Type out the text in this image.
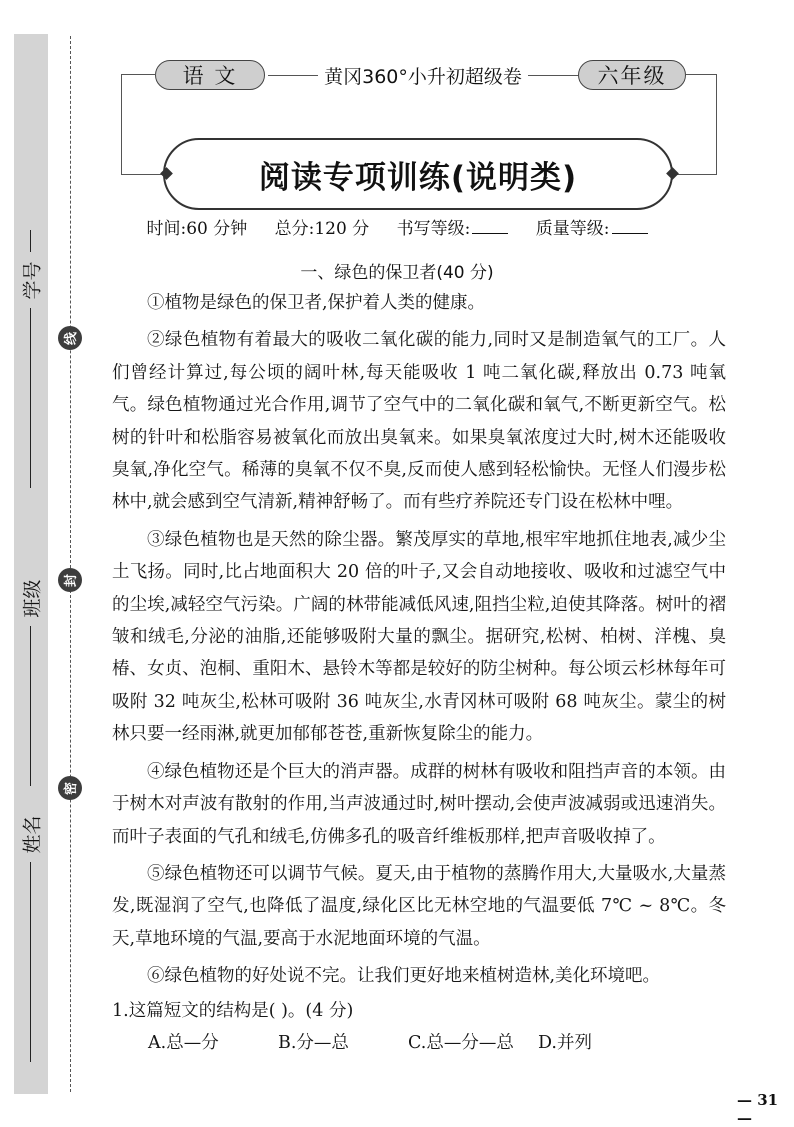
学号
班级
姓名
线
封
密
语 文	黄冈360°小升初超级卷	六年级
阅读专项训练(说明类)
时间:60 分钟 总分:120 分 书写等级:	质量等级:
一、绿色的保卫者(40 分)

①植物是绿色的保卫者,保护着人类的健康。

②绿色植物有着最大的吸收二氧化碳的能力,同时又是制造氧气的工厂。人们曾经计算过,每公顷的阔叶林,每天能吸收 1 吨二氧化碳,释放出 0.73 吨氧气。绿色植物通过光合作用,调节了空气中的二氧化碳和氧气,不断更新空气。松树的针叶和松脂容易被氧化而放出臭氧来。如果臭氧浓度过大时,树木还能吸收臭氧,净化空气。稀薄的臭氧不仅不臭,反而使人感到轻松愉快。无怪人们漫步松林中,就会感到空气清新,精神舒畅了。而有些疗养院还专门设在松林中哩。

③绿色植物也是天然的除尘器。繁茂厚实的草地,根牢牢地抓住地表,减少尘土飞扬。同时,比占地面积大 20 倍的叶子,又会自动地接收、吸收和过滤空气中的尘埃,减轻空气污染。广阔的林带能减低风速,阻挡尘粒,迫使其降落。树叶的褶皱和绒毛,分泌的油脂,还能够吸附大量的飘尘。据研究,松树、柏树、洋槐、臭椿、女贞、泡桐、重阳木、悬铃木等都是较好的防尘树种。每公顷云杉林每年可吸附 32 吨灰尘,松林可吸附 36 吨灰尘,水青冈林可吸附 68 吨灰尘。蒙尘的树林只要一经雨淋,就更加郁郁苍苍,重新恢复除尘的能力。

④绿色植物还是个巨大的消声器。成群的树林有吸收和阻挡声音的本领。由于树木对声波有散射的作用,当声波通过时,树叶摆动,会使声波减弱或迅速消失。而叶子表面的气孔和绒毛,仿佛多孔的吸音纤维板那样,把声音吸收掉了。

⑤绿色植物还可以调节气候。夏天,由于植物的蒸腾作用大,大量吸水,大量蒸发,既湿润了空气,也降低了温度,绿化区比无林空地的气温要低 7℃ ~ 8℃。冬天,草地环境的气温,要高于水泥地面环境的气温。

⑥绿色植物的好处说不完。让我们更好地来植树造林,美化环境吧。

1.这篇短文的结构是( )。(4 分)

A.总—分	B.分—总	C.总—分—总 D.并列

— 31 —
